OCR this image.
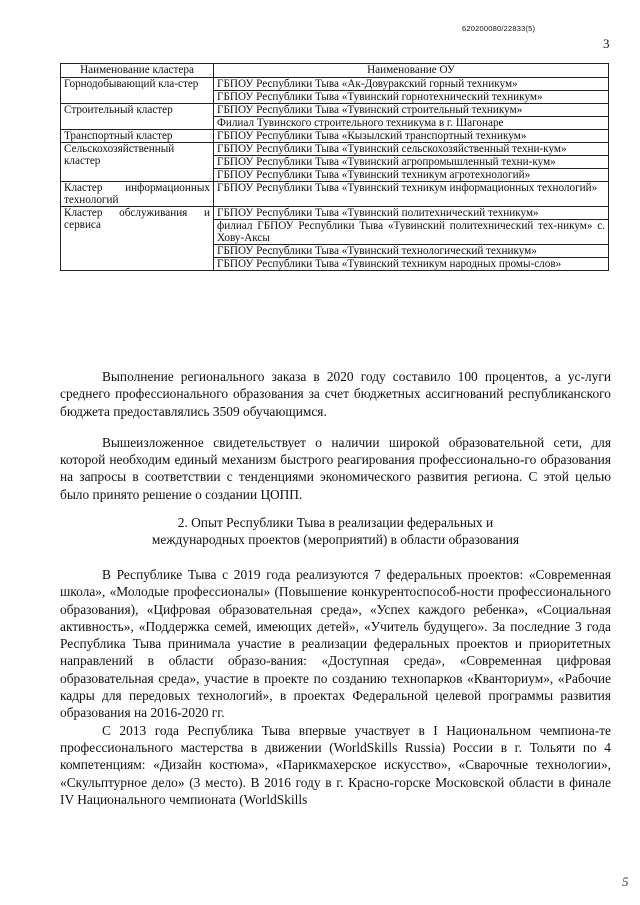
620200080/22833(5)
3
Наименование кластера	Наименование ОУ
Горнодобывающий кла-стер	ГБПОУ Республики Тыва «Ак-Довуракский горный техникум»
	ГБПОУ Республики Тыва «Тувинский горнотехнический техникум»
Строительный кластер	ГБПОУ Республики Тыва «Тувинский строительный техникум»
	Филиал Тувинского строительного техникума в г. Шагонаре
Транспортный кластер	ГБПОУ Республики Тыва «Кызылский транспортный техникум»
Сельскохозяйственный кластер	ГБПОУ Республики Тыва «Тувинский сельскохозяйственный техни-кум»
	ГБПОУ Республики Тыва «Тувинский агропромышленный техни-кум»
	ГБПОУ Республики Тыва «Тувинский техникум агротехнологий»
Кластер информационных технологий	ГБПОУ Республики Тыва «Тувинский техникум информационных технологий»
Кластер обслуживания и сервиса	ГБПОУ Республики Тыва «Тувинский политехнический техникум»
	филиал ГБПОУ Республики Тыва «Тувинский политехнический тех-никум» с. Хову-Аксы
	ГБПОУ Республики Тыва «Тувинский технологический техникум»
	ГБПОУ Республики Тыва «Тувинский техникум народных промы-слов»

Выполнение регионального заказа в 2020 году составило 100 процентов, а ус-луги среднего профессионального образования за счет бюджетных ассигнований республиканского бюджета предоставлялись 3509 обучающимся.

Вышеизложенное свидетельствует о наличии широкой образовательной сети, для которой необходим единый механизм быстрого реагирования профессионально-го образования на запросы в соответствии с тенденциями экономического развития региона. С этой целью было принято решение о создании ЦОПП.

2. Опыт Республики Тыва в реализации федеральных и

международных проектов (мероприятий) в области образования

В Республике Тыва с 2019 года реализуются 7 федеральных проектов: «Современная школа», «Молодые профессионалы» (Повышение конкурентоспособ-ности профессионального образования), «Цифровая образовательная среда», «Успех каждого ребенка», «Социальная активность», «Поддержка семей, имеющих детей», «Учитель будущего». За последние 3 года Республика Тыва принимала участие в реализации федеральных проектов и приоритетных направлений в области образо-вания: «Доступная среда», «Современная цифровая образовательная среда», участие в проекте по созданию технопарков «Кванториум», «Рабочие кадры для передовых технологий», в проектах Федеральной целевой программы развития образования на 2016-2020 гг.

С 2013 года Республика Тыва впервые участвует в I Национальном чемпиона-те профессионального мастерства в движении (WorldSkills Russia) России в г. Тольяти по 4 компетенциям: «Дизайн костюма», «Парикмахерское искусство», «Сварочные технологии», «Скульптурное дело» (3 место). В 2016 году в г. Красно-горске Московской области в финале IV Национального чемпионата (WorldSkills

5
